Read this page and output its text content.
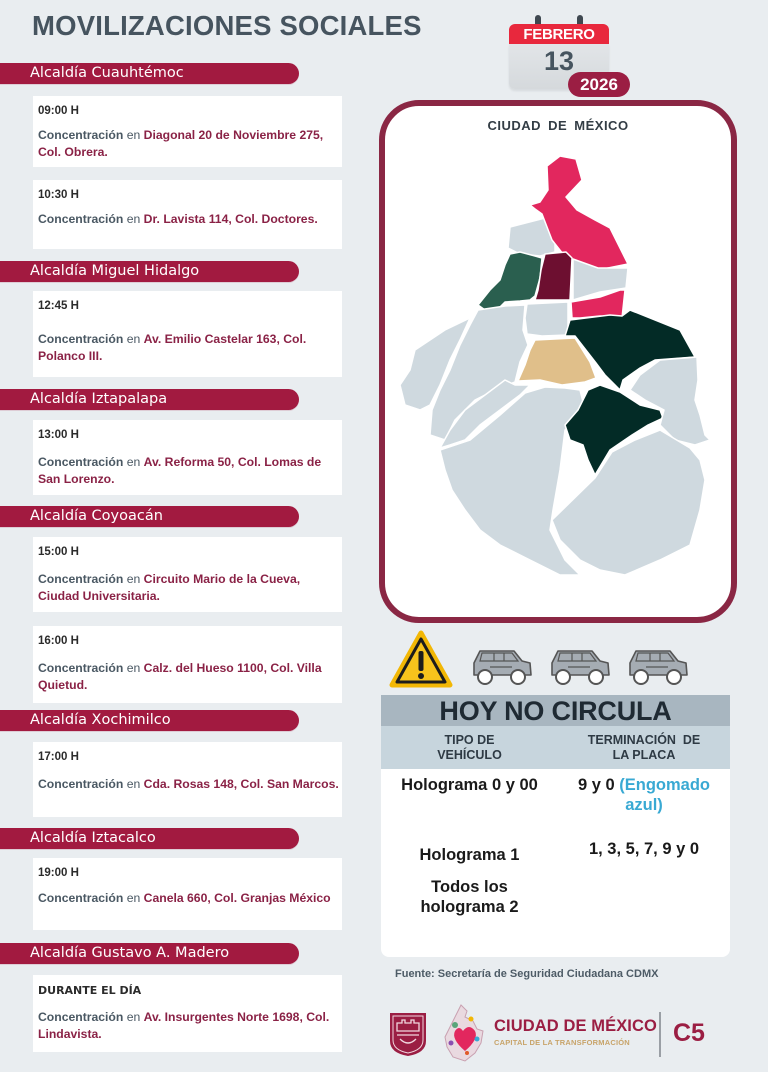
MOVILIZACIONES SOCIALES	FEBRERO
13
2026
Alcaldía Cuauhtémoc
09:00 H
Concentración en Diagonal 20 de Noviembre 275, Col. Obrera.
10:30 H
Concentración en Dr. Lavista 114, Col. Doctores.
Alcaldía Miguel Hidalgo
12:45 H
Concentración en Av. Emilio Castelar 163, Col. Polanco III.
Alcaldía Iztapalapa
13:00 H
Concentración en Av. Reforma 50, Col. Lomas de San Lorenzo.
Alcaldía Coyoacán
15:00 H
Concentración en Circuito Mario de la Cueva, Ciudad Universitaria.
16:00 H
Concentración en Calz. del Hueso 1100, Col. Villa Quietud.
Alcaldía Xochimilco
17:00 H
Concentración en Cda. Rosas 148, Col. San Marcos.
Alcaldía Iztacalco
19:00 H
Concentración en Canela 660, Col. Granjas México
Alcaldía Gustavo A. Madero
DURANTE EL DÍA
Concentración en Av. Insurgentes Norte 1698, Col. Lindavista.
CIUDAD DE MÉXICO
HOY NO CIRCULA
TIPO DE
VEHÍCULO
TERMINACIÓN  DE
LA PLACA
Holograma 0 y 00	9 y 0 (Engomado azul)
Holograma 1	1, 3, 5, 7, 9 y 0
Todos los
holograma 2
Fuente: Secretaría de Seguridad Ciudadana CDMX
CIUDAD DE MÉXICO
CAPITAL DE LA TRANSFORMACIÓN C5
